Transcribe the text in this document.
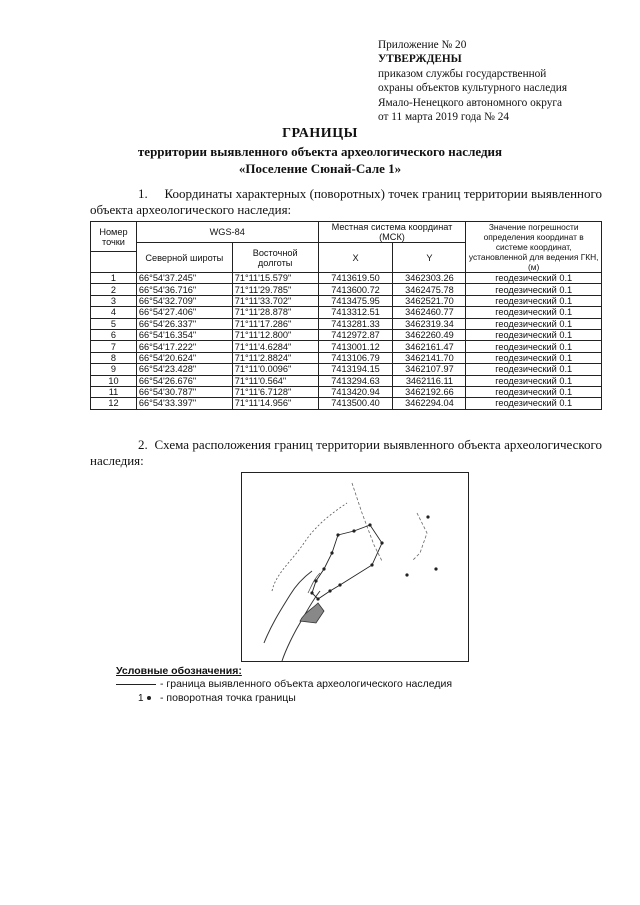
Приложение № 20
УТВЕРЖДЕНЫ
приказом службы государственной
охраны объектов культурного наследия
Ямало-Ненецкого автономного округа
от 11 марта 2019 года № 24
ГРАНИЦЫ
территории выявленного объекта археологического наследия
«Поселение Сюнай-Сале 1»
1. Координаты характерных (поворотных) точек границ территории выявленного объекта археологического наследия:
Номер точки	WGS-84		Местная система координат (МСК)		Значение погрешности определения координат в системе координат, установленной для ведения ГКН, (м)
	Северной широты	Восточной долготы	X	Y	

1	66°54'37.245"	71°11'15.579"	7413619.50	3462303.26	геодезический 0.1
2	66°54'36.716"	71°11'29.785"	7413600.72	3462475.78	геодезический 0.1
3	66°54'32.709"	71°11'33.702"	7413475.95	3462521.70	геодезический 0.1
4	66°54'27.406"	71°11'28.878"	7413312.51	3462460.77	геодезический 0.1
5	66°54'26.337"	71°11'17.286"	7413281.33	3462319.34	геодезический 0.1
6	66°54'16.354"	71°11'12.800"	7412972.87	3462260.49	геодезический 0.1
7	66°54'17.222"	71°11'4.6284"	7413001.12	3462161.47	геодезический 0.1
8	66°54'20.624"	71°11'2.8824"	7413106.79	3462141.70	геодезический 0.1
9	66°54'23.428"	71°11'0.0096"	7413194.15	3462107.97	геодезический 0.1
10	66°54'26.676"	71°11'0.564"	7413294.63	3462116.11	геодезический 0.1
11	66°54'30.787"	71°11'6.7128"	7413420.94	3462192.66	геодезический 0.1
12	66°54'33.397"	71°11'14.956"	7413500.40	3462294.04	геодезический 0.1
2. Схема расположения границ территории выявленного объекта археологического наследия:
Условные обозначения:
- граница выявленного объекта археологического наследия
1	- поворотная точка границы
